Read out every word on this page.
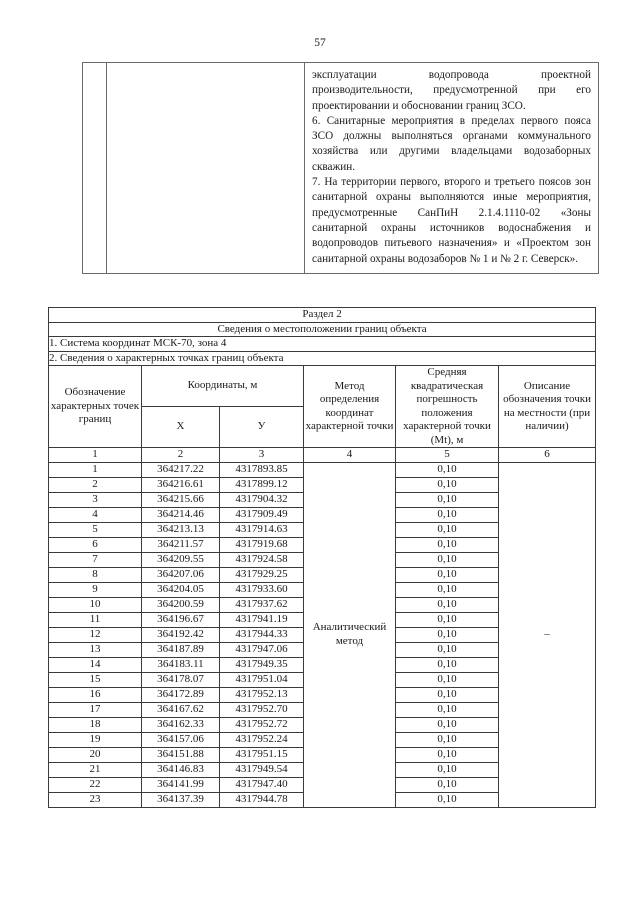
57

эксплуатации водопровода проектной производительности, предусмотренной при его проектировании и обосновании границ ЗСО.

6. Санитарные мероприятия в пределах первого пояса ЗСО должны выполняться органами коммунального хозяйства или другими владельцами водозаборных скважин.

7. На территории первого, второго и третьего поясов зон санитарной охраны выполняются иные мероприятия, предусмотренные СанПиН 2.1.4.1110-02 «Зоны санитарной охраны источников водоснабжения и водопроводов питьевого назначения» и «Проектом зон санитарной охраны водозаборов № 1 и № 2 г. Северск».

Раздел 2					
Сведения о местоположении границ объекта					
1. Система координат МСК-70, зона 4					
2. Сведения о характерных точках границ объекта					
Обозначение характерных точек границ	Координаты, м		Метод определения координат характерной точки	Средняя квадратическая погрешность положения характерной точки (Mt), м	Описание обозначения точки на местности (при наличии)
	Х	У			
1	2	3	4	5	6
1	364217.22	4317893.85	Аналитический метод	0,10	–
2	364216.61	4317899.12		0,10	
3	364215.66	4317904.32		0,10	
4	364214.46	4317909.49		0,10	
5	364213.13	4317914.63		0,10	
6	364211.57	4317919.68		0,10	
7	364209.55	4317924.58		0,10	
8	364207.06	4317929.25		0,10	
9	364204.05	4317933.60		0,10	
10	364200.59	4317937.62		0,10	
11	364196.67	4317941.19		0,10	
12	364192.42	4317944.33		0,10	
13	364187.89	4317947.06		0,10	
14	364183.11	4317949.35		0,10	
15	364178.07	4317951.04		0,10	
16	364172.89	4317952.13		0,10	
17	364167.62	4317952.70		0,10	
18	364162.33	4317952.72		0,10	
19	364157.06	4317952.24		0,10	
20	364151.88	4317951.15		0,10	
21	364146.83	4317949.54		0,10	
22	364141.99	4317947.40		0,10	
23	364137.39	4317944.78		0,10	
